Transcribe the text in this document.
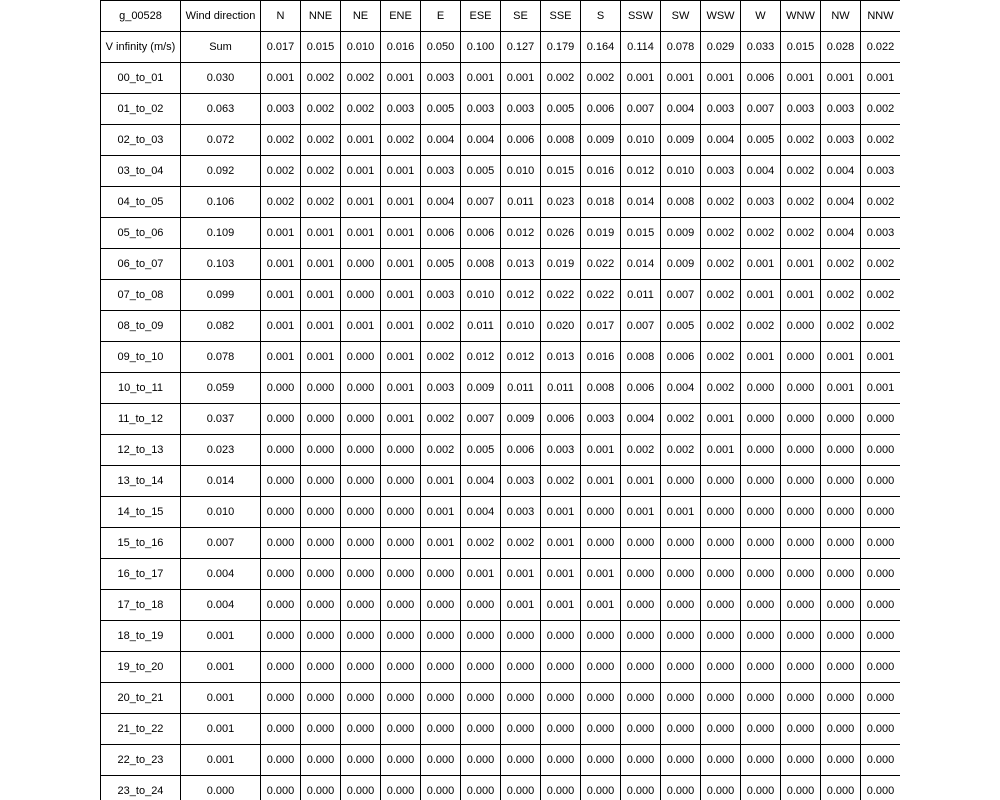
g_00528	Wind direction	N	NNE	NE	ENE	E	ESE	SE	SSE	S	SSW	SW	WSW	W	WNW	NW	NNW
V infinity (m/s)	Sum	0.017	0.015	0.010	0.016	0.050	0.100	0.127	0.179	0.164	0.114	0.078	0.029	0.033	0.015	0.028	0.022
00_to_01	0.030	0.001	0.002	0.002	0.001	0.003	0.001	0.001	0.002	0.002	0.001	0.001	0.001	0.006	0.001	0.001	0.001
01_to_02	0.063	0.003	0.002	0.002	0.003	0.005	0.003	0.003	0.005	0.006	0.007	0.004	0.003	0.007	0.003	0.003	0.002
02_to_03	0.072	0.002	0.002	0.001	0.002	0.004	0.004	0.006	0.008	0.009	0.010	0.009	0.004	0.005	0.002	0.003	0.002
03_to_04	0.092	0.002	0.002	0.001	0.001	0.003	0.005	0.010	0.015	0.016	0.012	0.010	0.003	0.004	0.002	0.004	0.003
04_to_05	0.106	0.002	0.002	0.001	0.001	0.004	0.007	0.011	0.023	0.018	0.014	0.008	0.002	0.003	0.002	0.004	0.002
05_to_06	0.109	0.001	0.001	0.001	0.001	0.006	0.006	0.012	0.026	0.019	0.015	0.009	0.002	0.002	0.002	0.004	0.003
06_to_07	0.103	0.001	0.001	0.000	0.001	0.005	0.008	0.013	0.019	0.022	0.014	0.009	0.002	0.001	0.001	0.002	0.002
07_to_08	0.099	0.001	0.001	0.000	0.001	0.003	0.010	0.012	0.022	0.022	0.011	0.007	0.002	0.001	0.001	0.002	0.002
08_to_09	0.082	0.001	0.001	0.001	0.001	0.002	0.011	0.010	0.020	0.017	0.007	0.005	0.002	0.002	0.000	0.002	0.002
09_to_10	0.078	0.001	0.001	0.000	0.001	0.002	0.012	0.012	0.013	0.016	0.008	0.006	0.002	0.001	0.000	0.001	0.001
10_to_11	0.059	0.000	0.000	0.000	0.001	0.003	0.009	0.011	0.011	0.008	0.006	0.004	0.002	0.000	0.000	0.001	0.001
11_to_12	0.037	0.000	0.000	0.000	0.001	0.002	0.007	0.009	0.006	0.003	0.004	0.002	0.001	0.000	0.000	0.000	0.000
12_to_13	0.023	0.000	0.000	0.000	0.000	0.002	0.005	0.006	0.003	0.001	0.002	0.002	0.001	0.000	0.000	0.000	0.000
13_to_14	0.014	0.000	0.000	0.000	0.000	0.001	0.004	0.003	0.002	0.001	0.001	0.000	0.000	0.000	0.000	0.000	0.000
14_to_15	0.010	0.000	0.000	0.000	0.000	0.001	0.004	0.003	0.001	0.000	0.001	0.001	0.000	0.000	0.000	0.000	0.000
15_to_16	0.007	0.000	0.000	0.000	0.000	0.001	0.002	0.002	0.001	0.000	0.000	0.000	0.000	0.000	0.000	0.000	0.000
16_to_17	0.004	0.000	0.000	0.000	0.000	0.000	0.001	0.001	0.001	0.001	0.000	0.000	0.000	0.000	0.000	0.000	0.000
17_to_18	0.004	0.000	0.000	0.000	0.000	0.000	0.000	0.001	0.001	0.001	0.000	0.000	0.000	0.000	0.000	0.000	0.000
18_to_19	0.001	0.000	0.000	0.000	0.000	0.000	0.000	0.000	0.000	0.000	0.000	0.000	0.000	0.000	0.000	0.000	0.000
19_to_20	0.001	0.000	0.000	0.000	0.000	0.000	0.000	0.000	0.000	0.000	0.000	0.000	0.000	0.000	0.000	0.000	0.000
20_to_21	0.001	0.000	0.000	0.000	0.000	0.000	0.000	0.000	0.000	0.000	0.000	0.000	0.000	0.000	0.000	0.000	0.000
21_to_22	0.001	0.000	0.000	0.000	0.000	0.000	0.000	0.000	0.000	0.000	0.000	0.000	0.000	0.000	0.000	0.000	0.000
22_to_23	0.001	0.000	0.000	0.000	0.000	0.000	0.000	0.000	0.000	0.000	0.000	0.000	0.000	0.000	0.000	0.000	0.000
23_to_24	0.000	0.000	0.000	0.000	0.000	0.000	0.000	0.000	0.000	0.000	0.000	0.000	0.000	0.000	0.000	0.000	0.000
